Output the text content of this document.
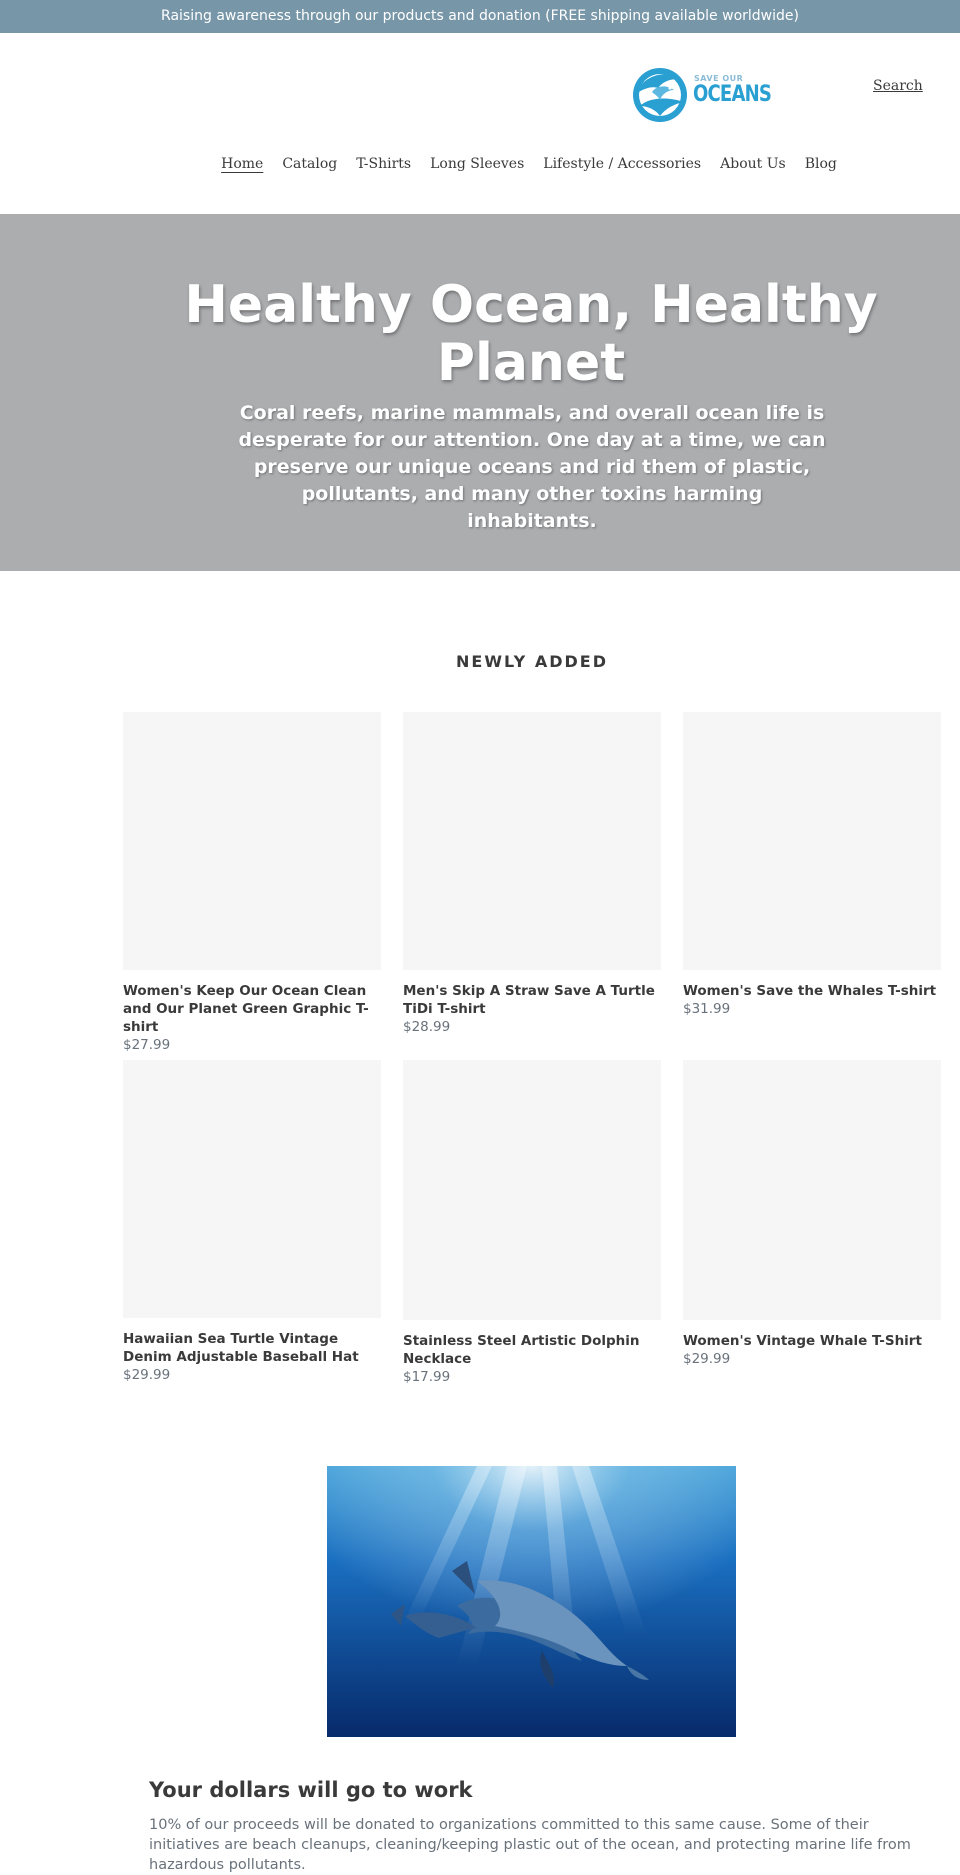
Raising awareness through our products and donation (FREE shipping available worldwide)
SAVE OUR
OCEANS	Search
Home Catalog T-Shirts Long Sleeves Lifestyle / Accessories About Us Blog
Healthy Ocean, Healthy Planet

Coral reefs, marine mammals, and overall ocean life is desperate for our attention. One day at a time, we can preserve our unique oceans and rid them of plastic, pollutants, and many other toxins harming inhabitants.

NEWLY ADDED
Women's Keep Our Ocean Clean and Our Planet Green Graphic T-shirt
$27.99
Men's Skip A Straw Save A Turtle TiDi T-shirt
$28.99
Women's Save the Whales T-shirt
$31.99
Hawaiian Sea Turtle Vintage Denim Adjustable Baseball Hat
$29.99
Stainless Steel Artistic Dolphin Necklace
$17.99
Women's Vintage Whale T-Shirt
$29.99
Your dollars will go to work

10% of our proceeds will be donated to organizations committed to this same cause. Some of their initiatives are beach cleanups, cleaning/keeping plastic out of the ocean, and protecting marine life from hazardous pollutants.
